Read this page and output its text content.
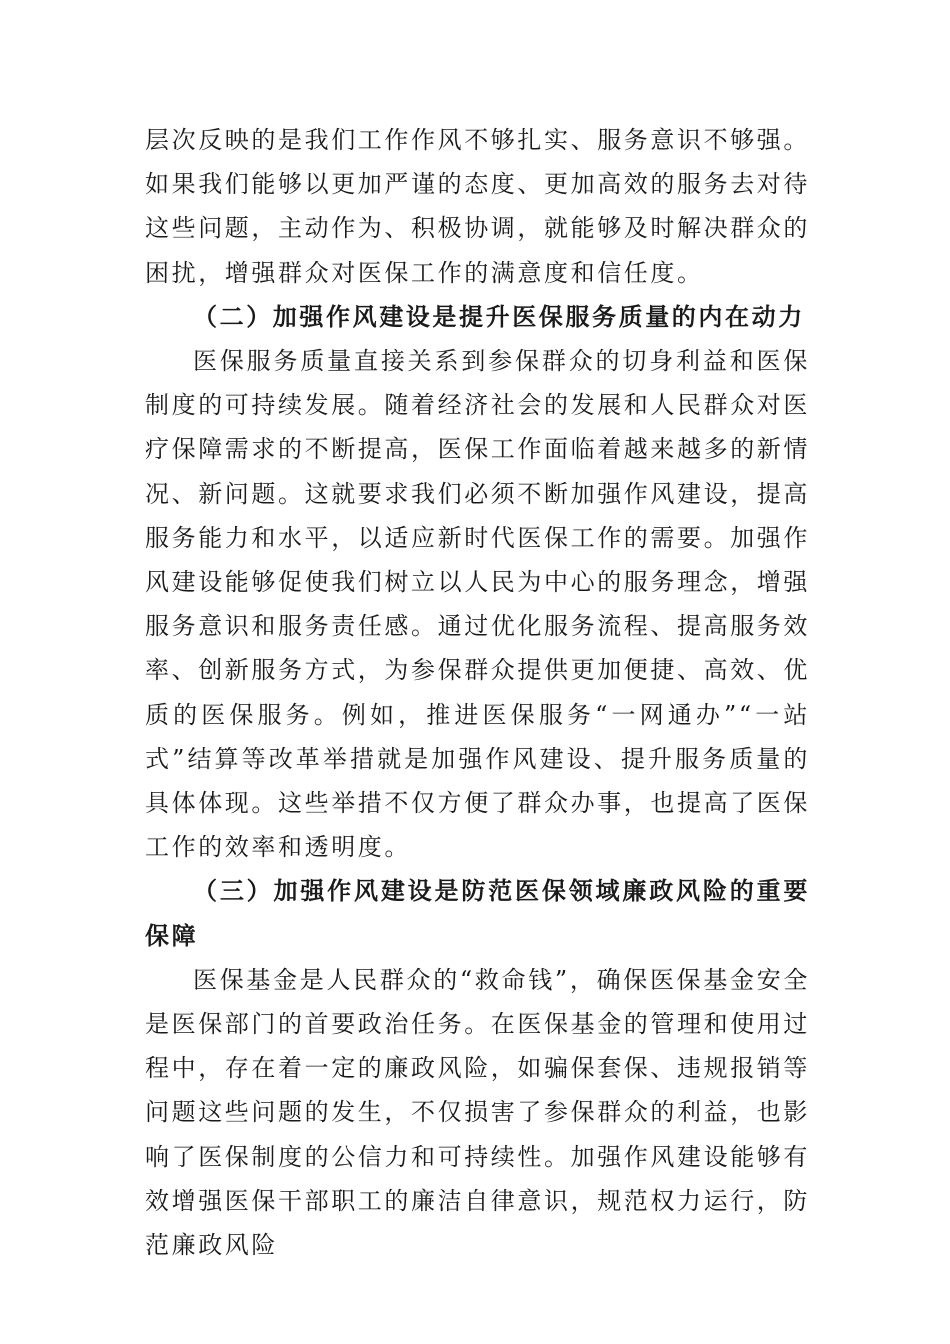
层次反映的是我们工作作风不够扎实、服务意识不够强。如果我们能够以更加严谨的态度、更加高效的服务去对待这些问题，主动作为、积极协调，就能够及时解决群众的困扰，增强群众对医保工作的满意度和信任度。

（二）加强作风建设是提升医保服务质量的内在动力

医保服务质量直接关系到参保群众的切身利益和医保制度的可持续发展。随着经济社会的发展和人民群众对医疗保障需求的不断提高，医保工作面临着越来越多的新情况、新问题。这就要求我们必须不断加强作风建设，提高服务能力和水平，以适应新时代医保工作的需要。加强作风建设能够促使我们树立以人民为中心的服务理念，增强服务意识和服务责任感。通过优化服务流程、提高服务效率、创新服务方式，为参保群众提供更加便捷、高效、优质的医保服务。例如，推进医保服务“一网通办”“一站式”结算等改革举措就是加强作风建设、提升服务质量的具体体现。这些举措不仅方便了群众办事，也提高了医保工作的效率和透明度。

（三）加强作风建设是防范医保领域廉政风险的重要保障

医保基金是人民群众的“救命钱”，确保医保基金安全是医保部门的首要政治任务。在医保基金的管理和使用过程中，存在着一定的廉政风险，如骗保套保、违规报销等问题这些问题的发生，不仅损害了参保群众的利益，也影响了医保制度的公信力和可持续性。加强作风建设能够有效增强医保干部职工的廉洁自律意识，规范权力运行，防范廉政风险
